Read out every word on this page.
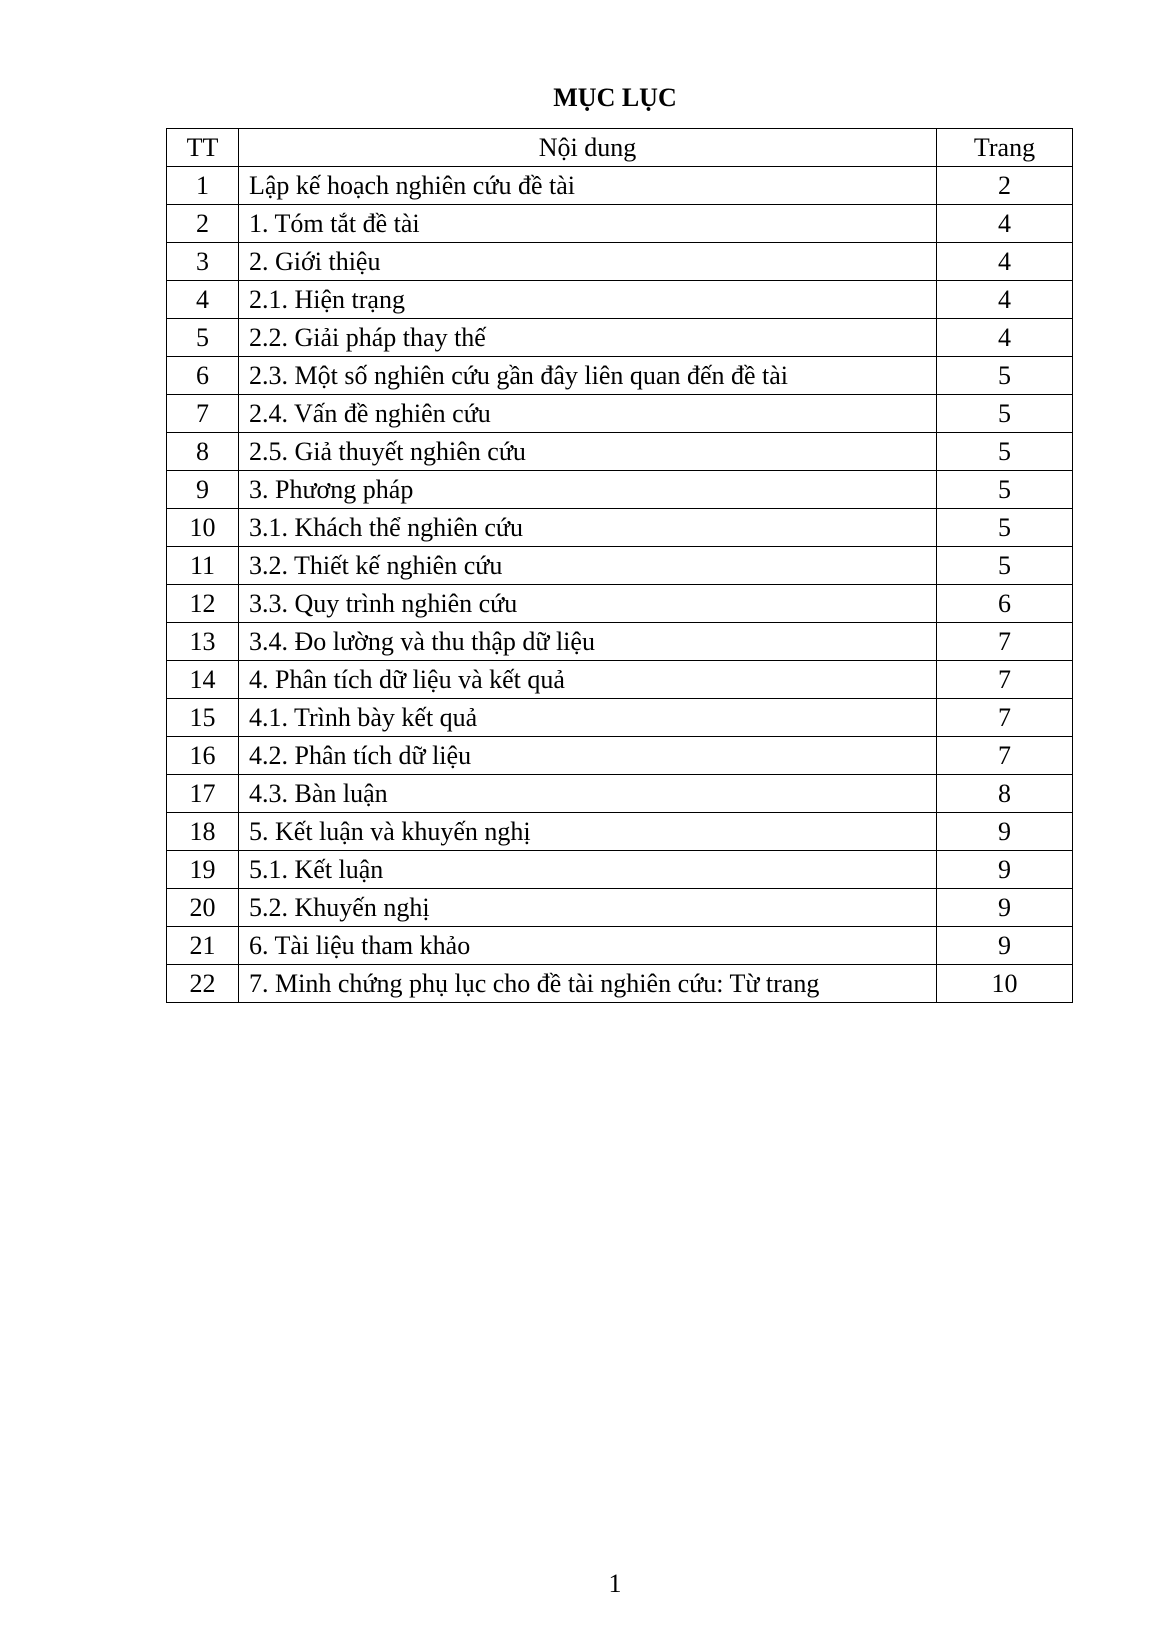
MỤC LỤC
TT	Nội dung	Trang
1	Lập kế hoạch nghiên cứu đề tài	2
2	1. Tóm tắt đề tài	4
3	2. Giới thiệu	4
4	2.1. Hiện trạng	4
5	2.2. Giải pháp thay thế	4
6	2.3. Một số nghiên cứu gần đây liên quan đến đề tài	5
7	2.4. Vấn đề nghiên cứu	5
8	2.5. Giả thuyết nghiên cứu	5
9	3. Phương pháp	5
10	3.1. Khách thể nghiên cứu	5
11	3.2. Thiết kế nghiên cứu	5
12	3.3. Quy trình nghiên cứu	6
13	3.4. Đo lường và thu thập dữ liệu	7
14	4. Phân tích dữ liệu và kết quả	7
15	4.1. Trình bày kết quả	7
16	4.2. Phân tích dữ liệu	7
17	4.3. Bàn luận	8
18	5. Kết luận và khuyến nghị	9
19	5.1. Kết luận	9
20	5.2. Khuyến nghị	9
21	6. Tài liệu tham khảo	9
22	7. Minh chứng phụ lục cho đề tài nghiên cứu: Từ trang	10
1
